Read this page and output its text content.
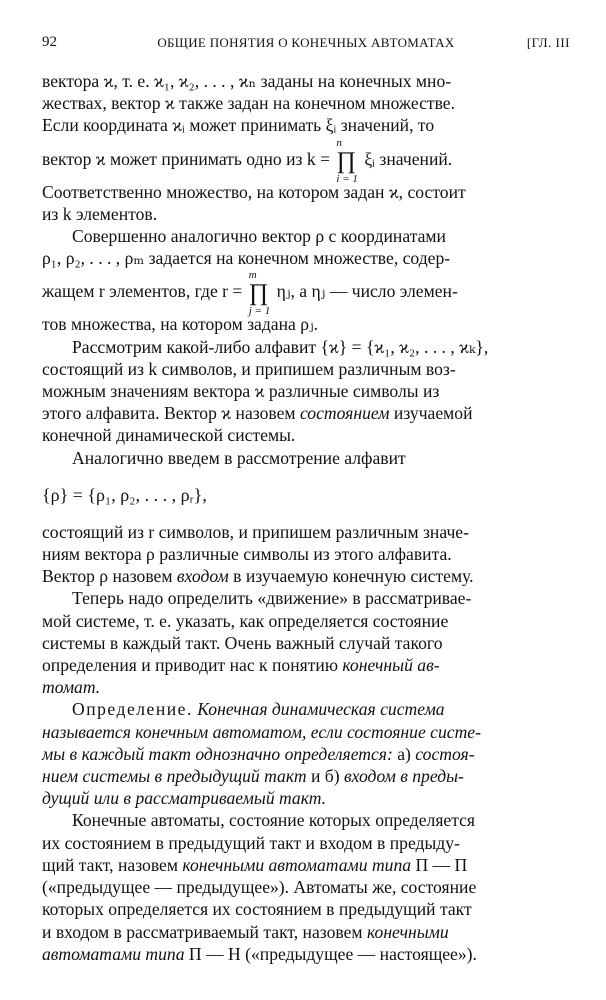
92	ОБЩИЕ ПОНЯТИЯ О КОНЕЧНЫХ АВТОМАТАХ	[ГЛ. III
вектора ϰ, т. е. ϰ₁, ϰ₂, . . . , ϰₙ заданы на конечных мно-
жествах, вектор ϰ также задан на конечном множестве.
Если координата ϰᵢ может принимать ξᵢ значений, то
вектор ϰ может принимать одно из k =
n
∏
i = 1
ξᵢ значений.
Соответственно множество, на котором задан ϰ, состоит
из k элементов.
Совершенно аналогично вектор ρ с координатами
ρ₁, ρ₂, . . . , ρₘ задается на конечном множестве, содер-
жащем r элементов, где r =
m
∏
j = 1
ηⱼ, а ηⱼ — число элемен-
тов множества, на котором задана ρⱼ.
Рассмотрим какой-либо алфавит {ϰ} = {ϰ₁, ϰ₂, . . . , ϰₖ},
состоящий из k символов, и припишем различным воз-
можным значениям вектора ϰ различные символы из
этого алфавита. Вектор ϰ назовем состоянием изучаемой
конечной динамической системы.
Аналогично введем в рассмотрение алфавит
{ρ} = {ρ₁, ρ₂, . . . , ρᵣ},
состоящий из r символов, и припишем различным значе-
ниям вектора ρ различные символы из этого алфавита.
Вектор ρ назовем входом в изучаемую конечную систему.
Теперь надо определить «движение» в рассматривае-
мой системе, т. е. указать, как определяется состояние
системы в каждый такт. Очень важный случай такого
определения и приводит нас к понятию конечный ав-
томат.
Определение. Конечная динамическая система
называется конечным автоматом, если состояние систе-
мы в каждый такт однозначно определяется: а) состоя-
нием системы в предыдущий такт и б) входом в преды-
дущий или в рассматриваемый такт.
Конечные автоматы, состояние которых определяется
их состоянием в предыдущий такт и входом в предыду-
щий такт, назовем конечными автоматами типа П — П
(«предыдущее — предыдущее»). Автоматы же, состояние
которых определяется их состоянием в предыдущий такт
и входом в рассматриваемый такт, назовем конечными
автоматами типа П — Н («предыдущее — настоящее»).
